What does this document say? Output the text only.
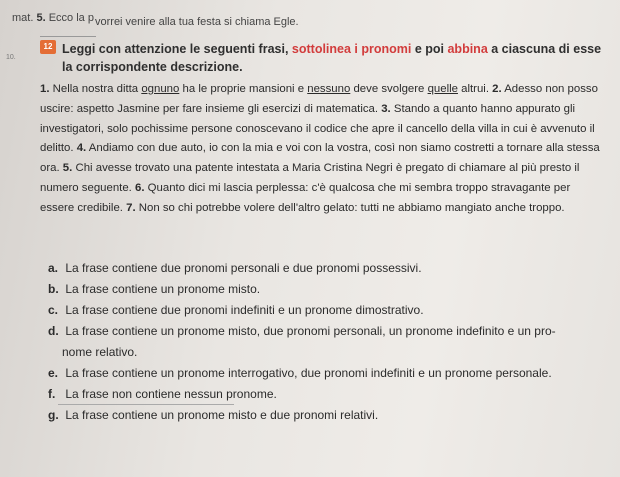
mat. 5. Ecco la p vorrei venire alla tua festa si chiama Egle.
10.
12 Leggi con attenzione le seguenti frasi, sottolinea i pronomi e poi abbina a ciascuna di esse la corrispondente descrizione.
1. Nella nostra ditta ognuno ha le proprie mansioni e nessuno deve svolgere quelle altrui. 2. Adesso non posso uscire: aspetto Jasmine per fare insieme gli esercizi di matematica. 3. Stando a quanto hanno appurato gli investigatori, solo pochissime persone conoscevano il codice che apre il cancello della villa in cui è avvenuto il delitto. 4. Andiamo con due auto, io con la mia e voi con la vostra, così non siamo costretti a tornare alla stessa ora. 5. Chi avesse trovato una patente intestata a Maria Cristina Negri è pregato di chiamare al più presto il numero seguente. 6. Quanto dici mi lascia perplessa: c'è qualcosa che mi sembra troppo stravagante per essere credibile. 7. Non so chi potrebbe volere dell'altro gelato: tutti ne abbiamo mangiato anche troppo.
a. La frase contiene due pronomi personali e due pronomi possessivi.
b. La frase contiene un pronome misto.
c. La frase contiene due pronomi indefiniti e un pronome dimostrativo.
d. La frase contiene un pronome misto, due pronomi personali, un pronome indefinito e un pro-
nome relativo.
e. La frase contiene un pronome interrogativo, due pronomi indefiniti e un pronome personale.
f. La frase non contiene nessun pronome.
g. La frase contiene un pronome misto e due pronomi relativi.
